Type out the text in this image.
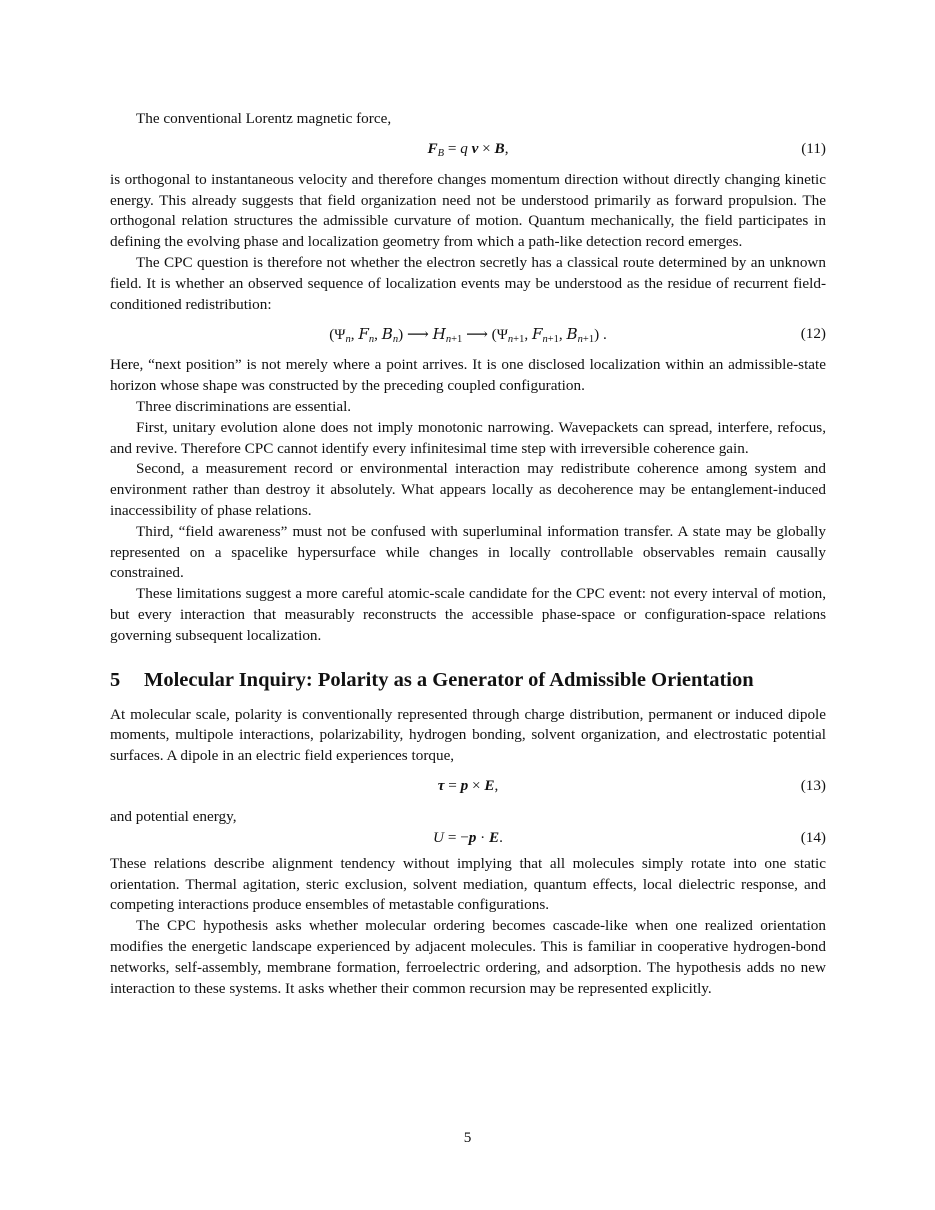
The conventional Lorentz magnetic force,

$F_B = q$ v × B,	(11)

is orthogonal to instantaneous velocity and therefore changes momentum direction without directly changing kinetic energy. This already suggests that field organization need not be understood primarily as forward propulsion. The orthogonal relation structures the admissible curvature of motion. Quantum mechanically, the field participates in defining the evolving phase and localization geometry from which a path-like detection record emerges.

The CPC question is therefore not whether the electron secretly has a classical route determined by an unknown field. It is whether an observed sequence of localization events may be understood as the residue of recurrent field-conditioned redistribution:

($\Psi_n$, $F_n$, $B_n$) ⟶ $H_{n+1}$ ⟶ ($\Psi_{n+1}$, $F_{n+1}$, $B_{n+1}$) .	(12)

Here, “next position” is not merely where a point arrives. It is one disclosed localization within an admissible-state horizon whose shape was constructed by the preceding coupled configuration.

Three discriminations are essential.

First, unitary evolution alone does not imply monotonic narrowing. Wavepackets can spread, interfere, refocus, and revive. Therefore CPC cannot identify every infinitesimal time step with irreversible coherence gain.

Second, a measurement record or environmental interaction may redistribute coherence among system and environment rather than destroy it absolutely. What appears locally as decoherence may be entanglement-induced inaccessibility of phase relations.

Third, “field awareness” must not be confused with superluminal information transfer. A state may be globally represented on a spacelike hypersurface while changes in locally controllable observables remain causally constrained.

These limitations suggest a more careful atomic-scale candidate for the CPC event: not every interval of motion, but every interaction that measurably reconstructs the accessible phase-space or configuration-space relations governing subsequent localization.

5 Molecular Inquiry: Polarity as a Generator of Admissible Orientation

At molecular scale, polarity is conventionally represented through charge distribution, permanent or induced dipole moments, multipole interactions, polarizability, hydrogen bonding, solvent organization, and electrostatic potential surfaces. A dipole in an electric field experiences torque,

τ = p × E,	(13)

and potential energy,

U = −p · E.	(14)

These relations describe alignment tendency without implying that all molecules simply rotate into one static orientation. Thermal agitation, steric exclusion, solvent mediation, quantum effects, local dielectric response, and competing interactions produce ensembles of metastable configurations.

The CPC hypothesis asks whether molecular ordering becomes cascade-like when one realized orientation modifies the energetic landscape experienced by adjacent molecules. This is familiar in cooperative hydrogen-bond networks, self-assembly, membrane formation, ferroelectric ordering, and adsorption. The hypothesis adds no new interaction to these systems. It asks whether their common recursion may be represented explicitly.

5
